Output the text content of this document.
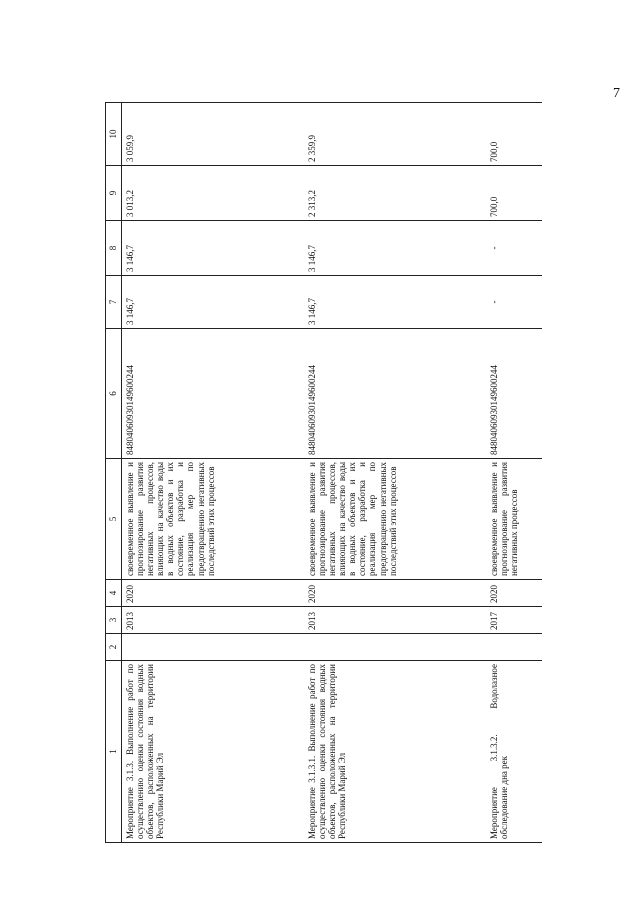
7
1	2	3	4	5	6	7	8	9	10
Мероприятие 3.1.3. Выполнение работ по осуществлению оценки состояния водных объектов, расположенных на территории Республики Марий Эл		2013	2020	своевременное выявление и прогнозирование развития негативных процессов, влияющих на качество воды в водных объектов и их состояние, разработка и реализация мер по предотвращению негативных последствий этих процессов	84804060930149600244	3 146,7	3 146,7	3 013,2	3 059,9
Мероприятие 3.1.3.1. Выполнение работ по осуществлению оценки состояния водных объектов, расположенных на территории Республики Марий Эл		2013	2020	своевременное выявление и прогнозирование развития негативных процессов, влияющих на качество воды в водных объектов и их состояние, разработка и реализация мер по предотвращению негативных последствий этих процессов	84804060930149600244	3 146,7	3 146,7	2 313,2	2 359,9
Мероприятие 3.1.3.2. Водолазное обследование дна рек		2017	2020	своевременное выявление и прогнозирование развития негативных процессов	84804060930149600244	-	-	700,0	700,0
